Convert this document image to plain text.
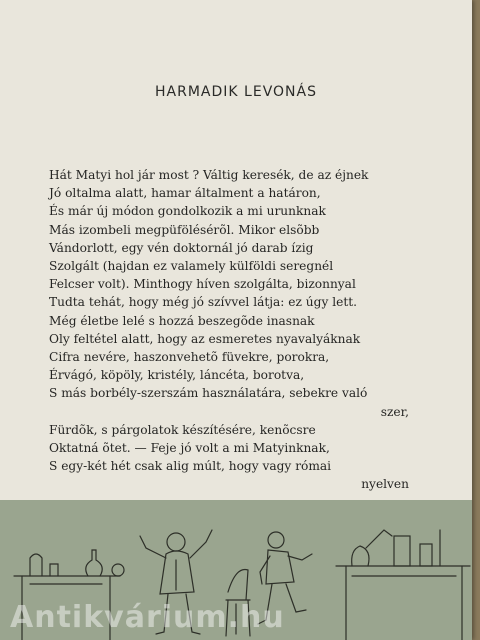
HARMADIK LEVONÁS
Hát Matyi hol jár most ? Váltig keresék, de az éjnek
Jó oltalma alatt, hamar általment a határon,
És már új módon gondolkozik a mi urunknak
Más izombeli megpüfölésérõl. Mikor elsõbb
Vándorlott, egy vén doktornál jó darab ízig
Szolgált (hajdan ez valamely külföldi seregnél
Felcser volt). Minthogy híven szolgálta, bizonnyal
Tudta tehát, hogy még jó szívvel látja: ez úgy lett.
Még életbe lelé s hozzá beszegõde inasnak
Oly feltétel alatt, hogy az esmeretes nyavalyáknak
Cifra nevére, haszonvehetõ füvekre, porokra,
Érvágó, köpöly, kristély, láncéta, borotva,
S más borbély-szerszám használatára, sebekre való
szer,
Fürdõk, s párgolatok készítésére, kenõcsre
Oktatná õtet. — Feje jó volt a mi Matyinknak,
S egy-két hét csak alig múlt, hogy vagy római
nyelven
Antikvárium.hu
